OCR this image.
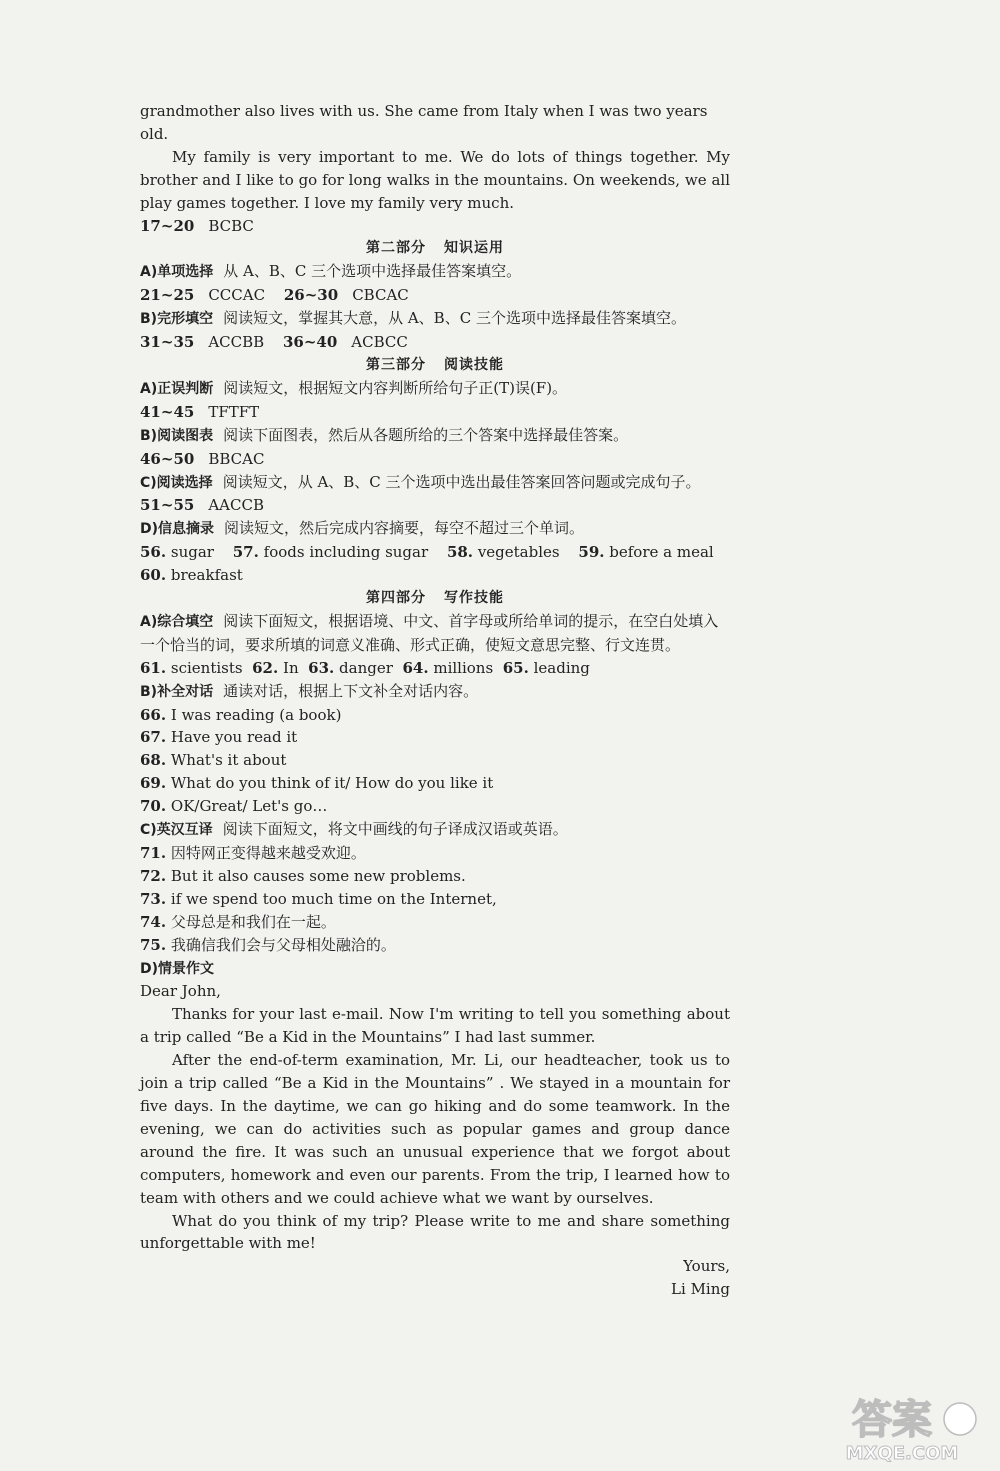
grandmother also lives with us. She came from Italy when I was two years old.

My family is very important to me. We do lots of things together. My brother and I like to go for long walks in the mountains. On weekends, we all play games together. I love my family very much.

17~20 BCBC

第二部分 知识运用

A)单项选择 从 A、B、C 三个选项中选择最佳答案填空。

21~25 CCCAC 26~30 CBCAC

B)完形填空 阅读短文，掌握其大意，从 A、B、C 三个选项中选择最佳答案填空。

31~35 ACCBB 36~40 ACBCC

第三部分 阅读技能

A)正误判断 阅读短文，根据短文内容判断所给句子正(T)误(F)。

41~45 TFTFT

B)阅读图表 阅读下面图表，然后从各题所给的三个答案中选择最佳答案。

46~50 BBCAC

C)阅读选择 阅读短文，从 A、B、C 三个选项中选出最佳答案回答问题或完成句子。

51~55 AACCB

D)信息摘录 阅读短文，然后完成内容摘要，每空不超过三个单词。

56. sugar 57. foods including sugar 58. vegetables 59. before a meal

60. breakfast

第四部分 写作技能

A)综合填空 阅读下面短文，根据语境、中文、首字母或所给单词的提示，在空白处填入一个恰当的词，要求所填的词意义准确、形式正确，使短文意思完整、行文连贯。

61. scientists 62. In 63. danger 64. millions 65. leading

B)补全对话 通读对话，根据上下文补全对话内容。

66. I was reading (a book)

67. Have you read it

68. What's it about

69. What do you think of it/ How do you like it

70. OK/Great/ Let's go…

C)英汉互译 阅读下面短文，将文中画线的句子译成汉语或英语。

71. 因特网正变得越来越受欢迎。

72. But it also causes some new problems.

73. if we spend too much time on the Internet,

74. 父母总是和我们在一起。

75. 我确信我们会与父母相处融洽的。

D)情景作文

Dear John,

Thanks for your last e-mail. Now I'm writing to tell you something about a trip called “Be a Kid in the Mountains” I had last summer.

After the end-of-term examination, Mr. Li, our headteacher, took us to join a trip called “Be a Kid in the Mountains” . We stayed in a mountain for five days. In the daytime, we can go hiking and do some teamwork. In the evening, we can do activities such as popular games and group dance around the fire. It was such an unusual experience that we forgot about computers, homework and even our parents. From the trip, I learned how to team with others and we could achieve what we want by ourselves.

What do you think of my trip? Please write to me and share something unforgettable with me!

Yours,

Li Ming

答案
MXQE.COM
